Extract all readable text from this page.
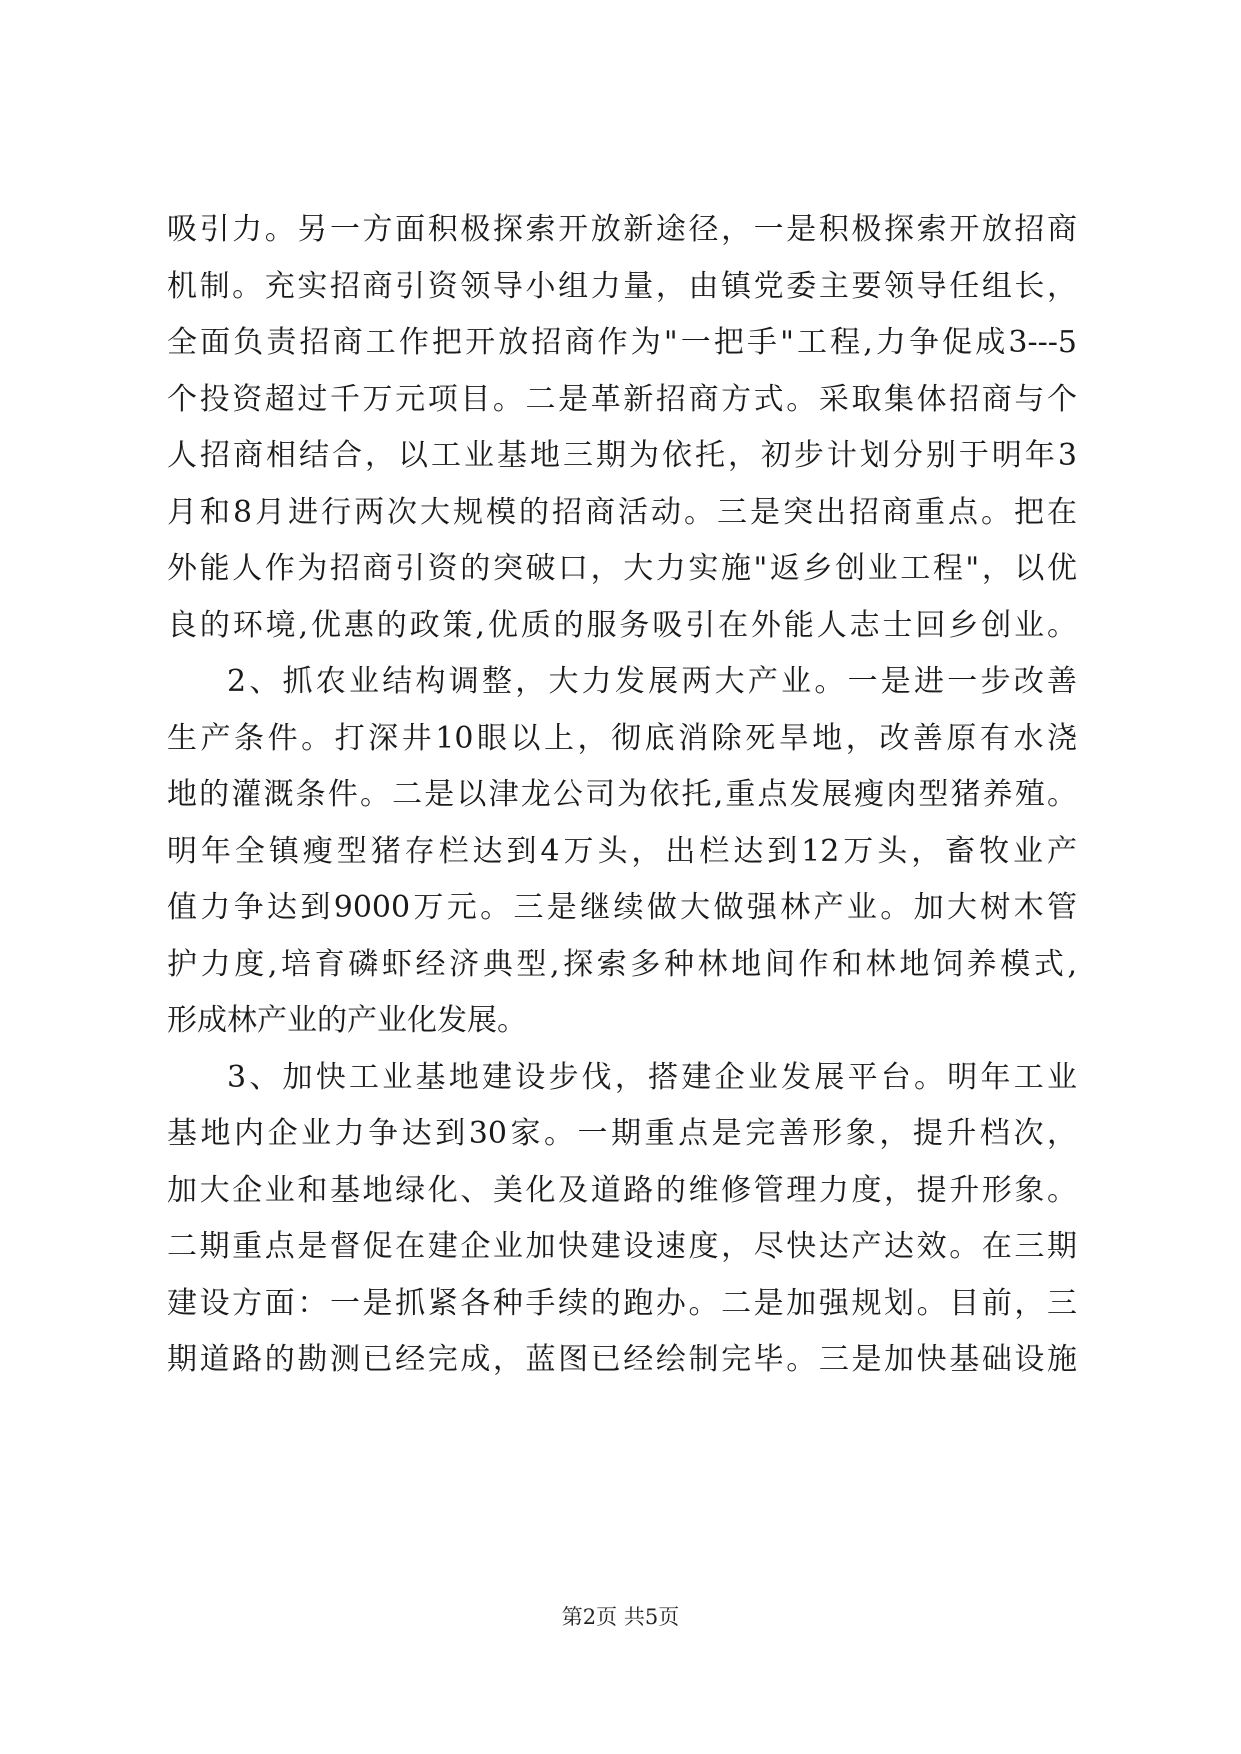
吸引力。另一方面积极探索开放新途径，一是积极探索开放招商
机制。充实招商引资领导小组力量，由镇党委主要领导任组长，
全面负责招商工作把开放招商作为"一把手"工程,力争促成3---5
个投资超过千万元项目。二是革新招商方式。采取集体招商与个
人招商相结合，以工业基地三期为依托，初步计划分别于明年3
月和8月进行两次大规模的招商活动。三是突出招商重点。把在
外能人作为招商引资的突破口，大力实施"返乡创业工程"，以优
良的环境,优惠的政策,优质的服务吸引在外能人志士回乡创业。
2、抓农业结构调整，大力发展两大产业。一是进一步改善
生产条件。打深井10眼以上，彻底消除死旱地，改善原有水浇
地的灌溉条件。二是以津龙公司为依托,重点发展瘦肉型猪养殖。
明年全镇瘦型猪存栏达到4万头，出栏达到12万头，畜牧业产
值力争达到9000万元。三是继续做大做强林产业。加大树木管
护力度,培育磷虾经济典型,探索多种林地间作和林地饲养模式,
形成林产业的产业化发展。
3、加快工业基地建设步伐，搭建企业发展平台。明年工业
基地内企业力争达到30家。一期重点是完善形象，提升档次，
加大企业和基地绿化、美化及道路的维修管理力度，提升形象。
二期重点是督促在建企业加快建设速度，尽快达产达效。在三期
建设方面：一是抓紧各种手续的跑办。二是加强规划。目前，三
期道路的勘测已经完成，蓝图已经绘制完毕。三是加快基础设施
第2页 共5页
